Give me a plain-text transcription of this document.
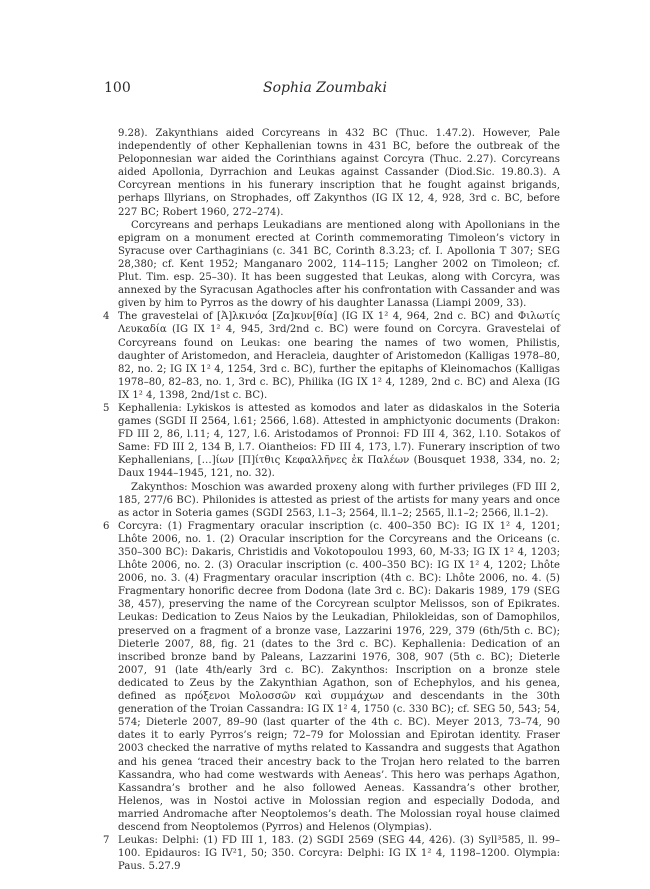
100	Sophia Zoumbaki

9.28). Zakynthians aided Corcyreans in 432 BC (Thuc. 1.47.2). However, Pale independently of other Kephallenian towns in 431 BC, before the outbreak of the Peloponnesian war aided the Corinthians against Corcyra (Thuc. 2.27). Corcyreans aided Apollonia, Dyrrachion and Leukas against Cassander (Diod.Sic. 19.80.3). A Corcyrean mentions in his funerary inscription that he fought against brigands, perhaps Illyrians, on Strophades, off Zakynthos (IG IX 12, 4, 928, 3rd c. BC, before 227 BC; Robert 1960, 272–274).

Corcyreans and perhaps Leukadians are mentioned along with Apollonians in the epigram on a monument erected at Corinth commemorating Timoleon’s victory in Syracuse over Carthaginians (c. 341 BC, Corinth 8.3.23; cf. I. Apollonia T 307; SEG 28,380; cf. Kent 1952; Manganaro 2002, 114–115; Langher 2002 on Timoleon; cf. Plut. Tim. esp. 25–30). It has been suggested that Leukas, along with Corcyra, was annexed by the Syracusan Agathocles after his confrontation with Cassander and was given by him to Pyrros as the dowry of his daughter Lanassa (Liampi 2009, 33).

4 The gravestelai of [Ἀ]λκινόα [Ζα]κυν[θία] (IG IX 1² 4, 964, 2nd c. BC) and Φιλωτίς Λευκαδία (IG IX 1² 4, 945, 3rd/2nd c. BC) were found on Corcyra. Gravestelai of Corcyreans found on Leukas: one bearing the names of two women, Philistis, daughter of Aristomedon, and Heracleia, daughter of Aristomedon (Kalligas 1978–80, 82, no. 2; IG IX 1² 4, 1254, 3rd c. BC), further the epitaphs of Kleinomachos (Kalligas 1978–80, 82–83, no. 1, 3rd c. BC), Philika (IG IX 1² 4, 1289, 2nd c. BC) and Alexa (IG IX 1² 4, 1398, 2nd/1st c. BC).
5 Kephallenia: Lykiskos is attested as komodos and later as didaskalos in the Soteria games (SGDI II 2564, l.61; 2566, l.68). Attested in amphictyonic documents (Drakon: FD III 2, 86, l.11; 4, 127, l.6. Aristodamos of Pronnoi: FD III 4, 362, l.10. Sotakos of Same: FD III 2, 134 B, l.7. Oiantheios: FD III 4, 173, l.7). Funerary inscription of two Kephallenians, […]ίων [Π]ίτθις Κεφαλλῆνες ἐκ Παλέων (Bousquet 1938, 334, no. 2; Daux 1944–1945, 121, no. 32).

Zakynthos: Moschion was awarded proxeny along with further privileges (FD III 2, 185, 277/6 BC). Philonides is attested as priest of the artists for many years and once as actor in Soteria games (SGDI 2563, l.1–3; 2564, ll.1–2; 2565, ll.1–2; 2566, ll.1–2).

6 Corcyra: (1) Fragmentary oracular inscription (c. 400–350 BC): IG IX 1² 4, 1201; Lhôte 2006, no. 1. (2) Oracular inscription for the Corcyreans and the Oriceans (c. 350–300 BC): Dakaris, Christidis and Vokotopoulou 1993, 60, M-33; IG IX 1² 4, 1203; Lhôte 2006, no. 2. (3) Oracular inscription (c. 400–350 BC): IG IX 1² 4, 1202; Lhôte 2006, no. 3. (4) Fragmentary oracular inscription (4th c. BC): Lhôte 2006, no. 4. (5) Fragmentary honorific decree from Dodona (late 3rd c. BC): Dakaris 1989, 179 (SEG 38, 457), preserving the name of the Corcyrean sculptor Melissos, son of Epikrates. Leukas: Dedication to Zeus Naios by the Leukadian, Philokleidas, son of Damophilos, preserved on a fragment of a bronze vase, Lazzarini 1976, 229, 379 (6th/5th c. BC); Dieterle 2007, 88, fig. 21 (dates to the 3rd c. BC). Kephallenia: Dedication of an inscribed bronze band by Paleans, Lazzarini 1976, 308, 907 (5th c. BC); Dieterle 2007, 91 (late 4th/early 3rd c. BC). Zakynthos: Inscription on a bronze stele dedicated to Zeus by the Zakynthian Agathon, son of Echephylos, and his genea, defined as πρόξενοι Μολοσσῶν καὶ συμμάχων and descendants in the 30th generation of the Troian Cassandra: IG IX 1² 4, 1750 (c. 330 BC); cf. SEG 50, 543; 54, 574; Dieterle 2007, 89–90 (last quarter of the 4th c. BC). Meyer 2013, 73–74, 90 dates it to early Pyrros’s reign; 72–79 for Molossian and Epirotan identity. Fraser 2003 checked the narrative of myths related to Kassandra and suggests that Agathon and his genea ‘traced their ancestry back to the Trojan hero related to the barren Kassandra, who had come westwards with Aeneas’. This hero was perhaps Agathon, Kassandra’s brother and he also followed Aeneas. Kassandra’s other brother, Helenos, was in Nostoi active in Molossian region and especially Dododa, and married Andromache after Neoptolemos’s death. The Molossian royal house claimed descend from Neoptolemos (Pyrros) and Helenos (Olympias).
7 Leukas: Delphi: (1) FD III 1, 183. (2) SGDI 2569 (SEG 44, 426). (3) Syll³585, ll. 99–100. Epidauros: IG IV²1, 50; 350. Corcyra: Delphi: IG IX 1² 4, 1198–1200. Olympia: Paus. 5.27.9
